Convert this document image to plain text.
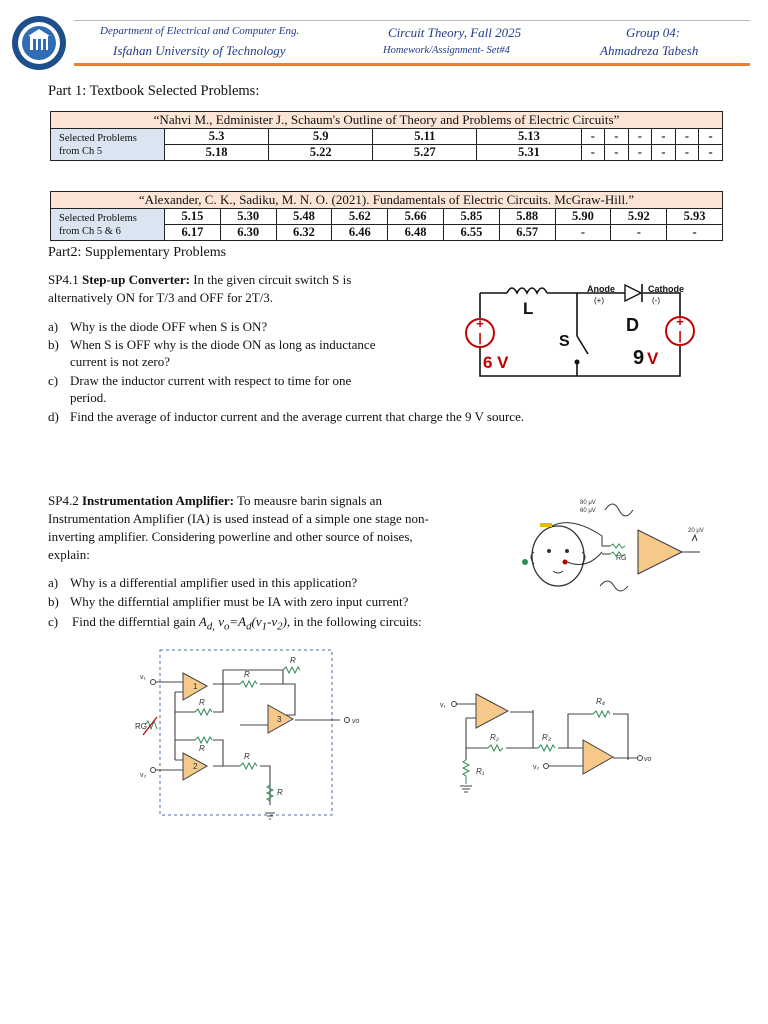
Department of Electrical and Computer Eng.
Isfahan University of Technology
Circuit Theory, Fall 2025
Homework/Assignment- Set#4
Group 04:
Ahmadreza Tabesh
Part 1: Textbook Selected Problems:
“Nahvi M., Edminister J., Schaum's Outline of Theory and Problems of Electric Circuits”										
Selected Problems
from Ch 5	5.3	5.9	5.11	5.13	-	-	-	-	-	-
	5.18	5.22	5.27	5.31	-	-	-	-	-	-
“Alexander, C. K., Sadiku, M. N. O. (2021). Fundamentals of Electric Circuits. McGraw-Hill.”										
Selected Problems
from Ch 5 & 6	5.15	5.30	5.48	5.62	5.66	5.85	5.88	5.90	5.92	5.93
	6.17	6.30	6.32	6.46	6.48	6.55	6.57	-	-	-
Part2: Supplementary Problems
SP4.1 Step-up Converter: In the given circuit switch S is
alternatively ON for T/3 and OFF for 2T/3.
a) Why is the diode OFF when S is ON?
b) When S is OFF why is the diode ON as long as inductance
current is not zero?
c) Draw the inductor current with respect to time for one
period.
d) Find the average of inductor current and the average current that charge the 9 V source.
+
|
+
|
L
S
D
Anode
(+)
Cathode
(-)
6 V	9 V
SP4.2 Instrumentation Amplifier: To meausre barin signals an
Instrumentation Amplifier (IA) is used instead of a simple one stage non-
inverting amplifier. Considering powerline and other source of noises,
explain:
a) Why is a differential amplifier used in this application?
b) Why the differntial amplifier must be IA with zero input current?
c) Find the differntial gain $A_{d,}$ $v_o=A_d(v_1-v_2)$, in the following circuits:
RG
20 μV
80 μV
60 μV
v₁
v₂
RG
R
R
R
R
R
R
1
2
3	vo
v₁
v₂
R₁
R₂	R₃
R₄
vo
